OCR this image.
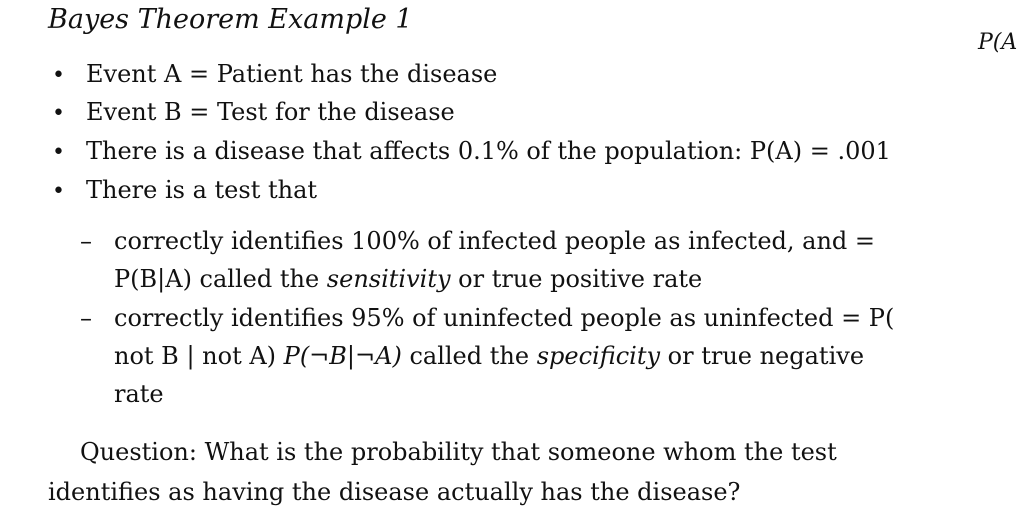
Bayes Theorem Example 1
P(A
• Event A = Patient has the disease
• Event B = Test for the disease
• There is a disease that affects 0.1% of the population: P(A) = .001
• There is a test that
– correctly identifies 100% of infected people as infected, and =
P(B|A) called the sensitivity or true positive rate
– correctly identifies 95% of uninfected people as uninfected = P(
not B | not A) P(¬B|¬A) called the specificity or true negative
rate
Question: What is the probability that someone whom the test
identifies as having the disease actually has the disease?
